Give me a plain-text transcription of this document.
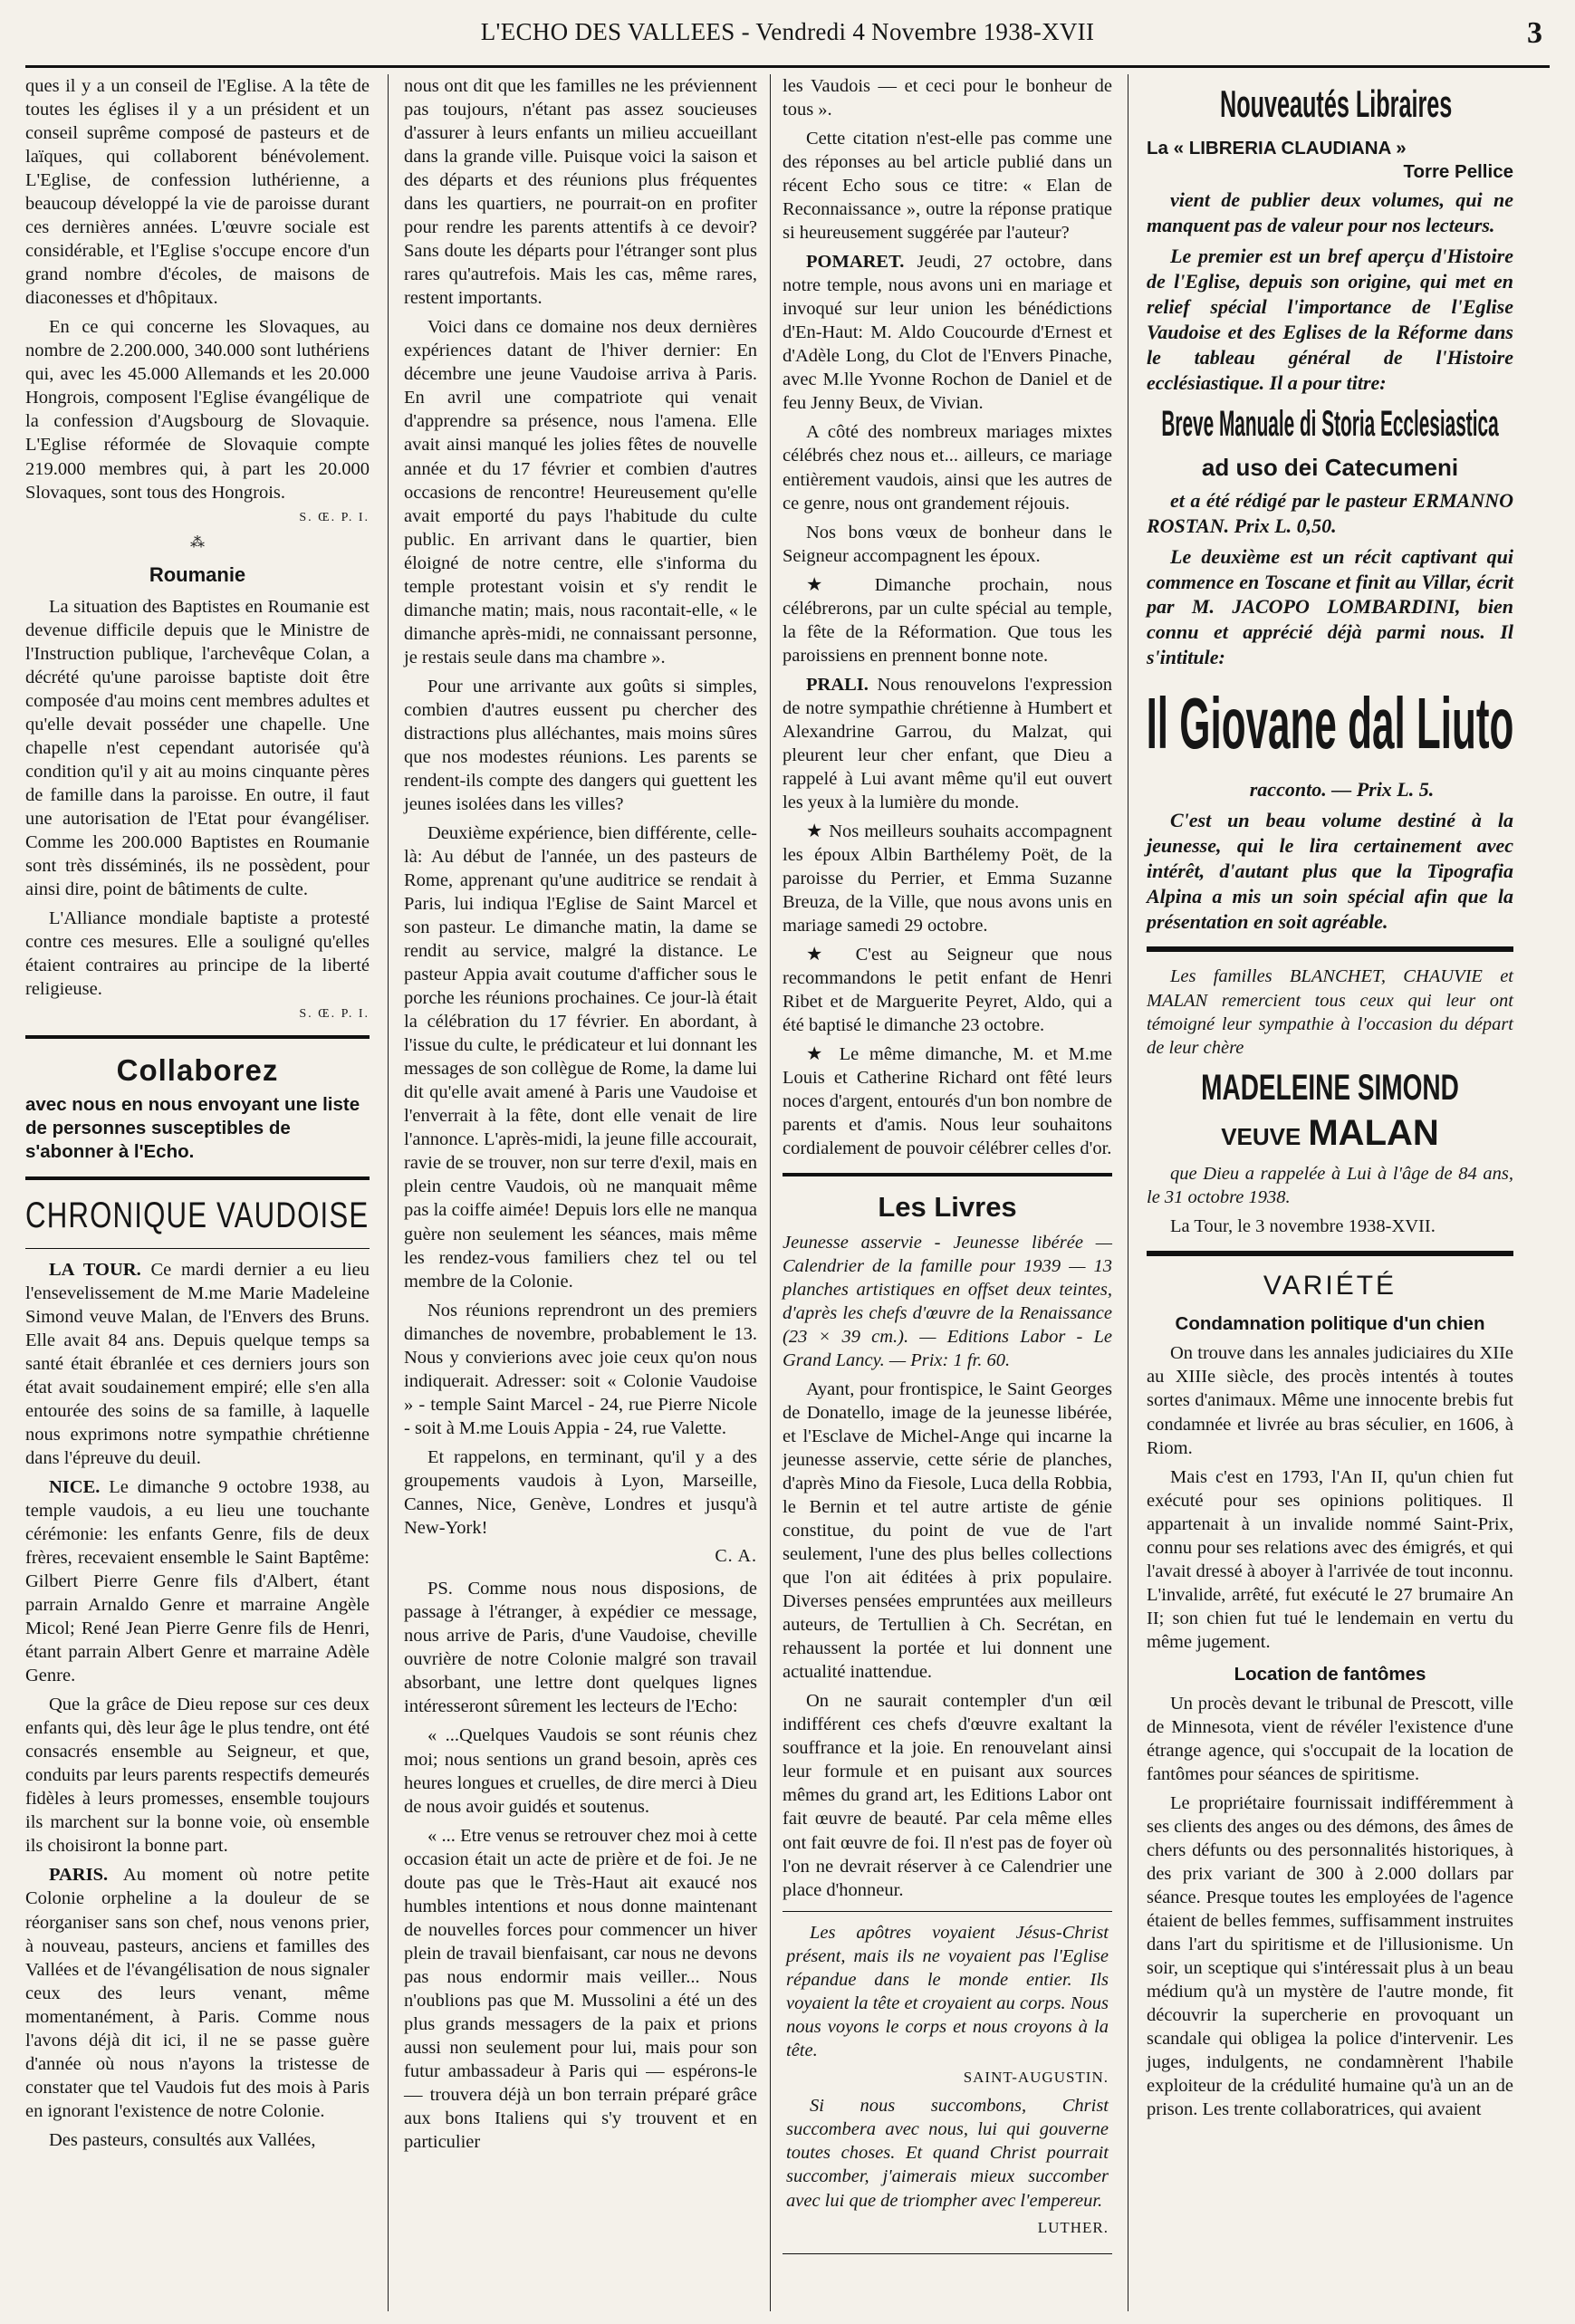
L'ECHO DES VALLEES - Vendredi 4 Novembre 1938-XVII	3

ques il y a un conseil de l'Eglise. A la tête de toutes les églises il y a un président et un conseil suprême composé de pasteurs et de laïques, qui collaborent bénévolement. L'Eglise, de confession luthérienne, a beaucoup développé la vie de paroisse durant ces dernières années. L'œuvre sociale est considérable, et l'Eglise s'occupe encore d'un grand nombre d'écoles, de maisons de diaconesses et d'hôpitaux.

En ce qui concerne les Slovaques, au nombre de 2.200.000, 340.000 sont luthériens qui, avec les 45.000 Allemands et les 20.000 Hongrois, composent l'Eglise évangélique de la confession d'Augsbourg de Slovaquie. L'Eglise réformée de Slovaquie compte 219.000 membres qui, à part les 20.000 Slovaques, sont tous des Hongrois.

S. Œ. P. I.
⁂
Roumanie

La situation des Baptistes en Roumanie est devenue difficile depuis que le Ministre de l'Instruction publique, l'archevêque Colan, a décrété qu'une paroisse baptiste doit être composée d'au moins cent membres adultes et qu'elle devait posséder une chapelle. Une chapelle n'est cependant autorisée qu'à condition qu'il y ait au moins cinquante pères de famille dans la paroisse. En outre, il faut une autorisation de l'Etat pour évangéliser. Comme les 200.000 Baptistes en Roumanie sont très disséminés, ils ne possèdent, pour ainsi dire, point de bâtiments de culte.

L'Alliance mondiale baptiste a protesté contre ces mesures. Elle a souligné qu'elles étaient contraires au principe de la liberté religieuse.

S. Œ. P. I.
Collaborez
avec nous en nous envoyant une liste de personnes susceptibles de s'abonner à l'Echo.
CHRONIQUE VAUDOISE

LA TOUR. Ce mardi dernier a eu lieu l'ensevelissement de M.me Marie Madeleine Simond veuve Malan, de l'Envers des Bruns. Elle avait 84 ans. Depuis quelque temps sa santé était ébranlée et ces derniers jours son état avait soudainement empiré; elle s'en alla entourée des soins de sa famille, à laquelle nous exprimons notre sympathie chrétienne dans l'épreuve du deuil.

NICE. Le dimanche 9 octobre 1938, au temple vaudois, a eu lieu une touchante cérémonie: les enfants Genre, fils de deux frères, recevaient ensemble le Saint Baptême: Gilbert Pierre Genre fils d'Albert, étant parrain Arnaldo Genre et marraine Angèle Micol; René Jean Pierre Genre fils de Henri, étant parrain Albert Genre et marraine Adèle Genre.

Que la grâce de Dieu repose sur ces deux enfants qui, dès leur âge le plus tendre, ont été consacrés ensemble au Seigneur, et que, conduits par leurs parents respectifs demeurés fidèles à leurs promesses, ensemble toujours ils marchent sur la bonne voie, où ensemble ils choisiront la bonne part.

PARIS. Au moment où notre petite Colonie orpheline a la douleur de se réorganiser sans son chef, nous venons prier, à nouveau, pasteurs, anciens et familles des Vallées et de l'évangélisation de nous signaler ceux des leurs venant, même momentanément, à Paris. Comme nous l'avons déjà dit ici, il ne se passe guère d'année où nous n'ayons la tristesse de constater que tel Vaudois fut des mois à Paris en ignorant l'existence de notre Colonie.

Des pasteurs, consultés aux Vallées,

nous ont dit que les familles ne les préviennent pas toujours, n'étant pas assez soucieuses d'assurer à leurs enfants un milieu accueillant dans la grande ville. Puisque voici la saison et des départs et des réunions plus fréquentes dans les quartiers, ne pourrait-on en profiter pour rendre les parents attentifs à ce devoir? Sans doute les départs pour l'étranger sont plus rares qu'autrefois. Mais les cas, même rares, restent importants.

Voici dans ce domaine nos deux dernières expériences datant de l'hiver dernier: En décembre une jeune Vaudoise arriva à Paris. En avril une compatriote qui venait d'apprendre sa présence, nous l'amena. Elle avait ainsi manqué les jolies fêtes de nouvelle année et du 17 février et combien d'autres occasions de rencontre! Heureusement qu'elle avait emporté du pays l'habitude du culte public. En arrivant dans le quartier, bien éloigné de notre centre, elle s'informa du temple protestant voisin et s'y rendit le dimanche matin; mais, nous racontait-elle, « le dimanche après-midi, ne connaissant personne, je restais seule dans ma chambre ».

Pour une arrivante aux goûts si simples, combien d'autres eussent pu chercher des distractions plus alléchantes, mais moins sûres que nos modestes réunions. Les parents se rendent-ils compte des dangers qui guettent les jeunes isolées dans les villes?

Deuxième expérience, bien différente, celle-là: Au début de l'année, un des pasteurs de Rome, apprenant qu'une auditrice se rendait à Paris, lui indiqua l'Eglise de Saint Marcel et son pasteur. Le dimanche matin, la dame se rendit au service, malgré la distance. Le pasteur Appia avait coutume d'afficher sous le porche les réunions prochaines. Ce jour-là était la célébration du 17 février. En abordant, à l'issue du culte, le prédicateur et lui donnant les messages de son collègue de Rome, la dame lui dit qu'elle avait amené à Paris une Vaudoise et l'enverrait à la fête, dont elle venait de lire l'annonce. L'après-midi, la jeune fille accourait, ravie de se trouver, non sur terre d'exil, mais en plein centre Vaudois, où ne manquait même pas la coiffe aimée! Depuis lors elle ne manqua guère non seulement les séances, mais même les rendez-vous familiers chez tel ou tel membre de la Colonie.

Nos réunions reprendront un des premiers dimanches de novembre, probablement le 13. Nous y convierions avec joie ceux qu'on nous indiquerait. Adresser: soit « Colonie Vaudoise » - temple Saint Marcel - 24, rue Pierre Nicole - soit à M.me Louis Appia - 24, rue Valette.

Et rappelons, en terminant, qu'il y a des groupements vaudois à Lyon, Marseille, Cannes, Nice, Genève, Londres et jusqu'à New-York!

C. A.

PS. Comme nous nous disposions, de passage à l'étranger, à expédier ce message, nous arrive de Paris, d'une Vaudoise, cheville ouvrière de notre Colonie malgré son travail absorbant, une lettre dont quelques lignes intéresseront sûrement les lecteurs de l'Echo:

« ...Quelques Vaudois se sont réunis chez moi; nous sentions un grand besoin, après ces heures longues et cruelles, de dire merci à Dieu de nous avoir guidés et soutenus.

« ... Etre venus se retrouver chez moi à cette occasion était un acte de prière et de foi. Je ne doute pas que le Très-Haut ait exaucé nos humbles intentions et nous donne maintenant de nouvelles forces pour commencer un hiver plein de travail bienfaisant, car nous ne devons pas nous endormir mais veiller... Nous n'oublions pas que M. Mussolini a été un des plus grands messagers de la paix et prions aussi non seulement pour lui, mais pour son futur ambassadeur à Paris qui — espérons-le — trouvera déjà un bon terrain préparé grâce aux bons Italiens qui s'y trouvent et en particulier

les Vaudois — et ceci pour le bonheur de tous ».

Cette citation n'est-elle pas comme une des réponses au bel article publié dans un récent Echo sous ce titre: « Elan de Reconnaissance », outre la réponse pratique si heureusement suggérée par l'auteur?

POMARET. Jeudi, 27 octobre, dans notre temple, nous avons uni en mariage et invoqué sur leur union les bénédictions d'En-Haut: M. Aldo Coucourde d'Ernest et d'Adèle Long, du Clot de l'Envers Pinache, avec M.lle Yvonne Rochon de Daniel et de feu Jenny Beux, de Vivian.

A côté des nombreux mariages mixtes célébrés chez nous et... ailleurs, ce mariage entièrement vaudois, ainsi que les autres de ce genre, nous ont grandement réjouis.

Nos bons vœux de bonheur dans le Seigneur accompagnent les époux.

★ Dimanche prochain, nous célébrerons, par un culte spécial au temple, la fête de la Réformation. Que tous les paroissiens en prennent bonne note.

PRALI. Nous renouvelons l'expression de notre sympathie chrétienne à Humbert et Alexandrine Garrou, du Malzat, qui pleurent leur cher enfant, que Dieu a rappelé à Lui avant même qu'il eut ouvert les yeux à la lumière du monde.

★ Nos meilleurs souhaits accompagnent les époux Albin Barthélemy Poët, de la paroisse du Perrier, et Emma Suzanne Breuza, de la Ville, que nous avons unis en mariage samedi 29 octobre.

★ C'est au Seigneur que nous recommandons le petit enfant de Henri Ribet et de Marguerite Peyret, Aldo, qui a été baptisé le dimanche 23 octobre.

★ Le même dimanche, M. et M.me Louis et Catherine Richard ont fêté leurs noces d'argent, entourés d'un bon nombre de parents et d'amis. Nous leur souhaitons cordialement de pouvoir célébrer celles d'or.

Les Livres

Jeunesse asservie - Jeunesse libérée — Calendrier de la famille pour 1939 — 13 planches artistiques en offset deux teintes, d'après les chefs d'œuvre de la Renaissance (23 × 39 cm.). — Editions Labor - Le Grand Lancy. — Prix: 1 fr. 60.

Ayant, pour frontispice, le Saint Georges de Donatello, image de la jeunesse libérée, et l'Esclave de Michel-Ange qui incarne la jeunesse asservie, cette série de planches, d'après Mino da Fiesole, Luca della Robbia, le Bernin et tel autre artiste de génie constitue, du point de vue de l'art seulement, l'une des plus belles collections que l'on ait éditées à prix populaire. Diverses pensées empruntées aux meilleurs auteurs, de Tertullien à Ch. Secrétan, en rehaussent la portée et lui donnent une actualité inattendue.

On ne saurait contempler d'un œil indifférent ces chefs d'œuvre exaltant la souffrance et la joie. En renouvelant ainsi leur formule et en puisant aux sources mêmes du grand art, les Editions Labor ont fait œuvre de beauté. Par cela même elles ont fait œuvre de foi. Il n'est pas de foyer où l'on ne devrait réserver à ce Calendrier une place d'honneur.

Les apôtres voyaient Jésus-Christ présent, mais ils ne voyaient pas l'Eglise répandue dans le monde entier. Ils voyaient la tête et croyaient au corps. Nous nous voyons le corps et nous croyons à la tête.

SAINT-AUGUSTIN.

Si nous succombons, Christ succombera avec nous, lui qui gouverne toutes choses. Et quand Christ pourrait succomber, j'aimerais mieux succomber avec lui que de triompher avec l'empereur.

LUTHER.
Nouveautés Libraires
La « LIBRERIA CLAUDIANA »
Torre Pellice

vient de publier deux volumes, qui ne manquent pas de valeur pour nos lecteurs.

Le premier est un bref aperçu d'Histoire de l'Eglise, depuis son origine, qui met en relief spécial l'importance de l'Eglise Vaudoise et des Eglises de la Réforme dans le tableau général de l'Histoire ecclésiastique. Il a pour titre:

Breve Manuale di Storia Ecclesiastica
ad uso dei Catecumeni

et a été rédigé par le pasteur ERMANNO ROSTAN. Prix L. 0,50.

Le deuxième est un récit captivant qui commence en Toscane et finit au Villar, écrit par M. JACOPO LOMBARDINI, bien connu et apprécié déjà parmi nous. Il s'intitule:

Il Giovane dal Liuto

racconto. — Prix L. 5.

C'est un beau volume destiné à la jeunesse, qui le lira certainement avec intérêt, d'autant plus que la Tipografia Alpina a mis un soin spécial afin que la présentation en soit agréable.

Les familles BLANCHET, CHAUVIE et MALAN remercient tous ceux qui leur ont témoigné leur sympathie à l'occasion du départ de leur chère

MADELEINE SIMOND
VEUVE MALAN

que Dieu a rappelée à Lui à l'âge de 84 ans, le 31 octobre 1938.

La Tour, le 3 novembre 1938-XVII.

VARIÉTÉ
Condamnation politique d'un chien

On trouve dans les annales judiciaires du XIIe au XIIIe siècle, des procès intentés à toutes sortes d'animaux. Même une innocente brebis fut condamnée et livrée au bras séculier, en 1606, à Riom.

Mais c'est en 1793, l'An II, qu'un chien fut exécuté pour ses opinions politiques. Il appartenait à un invalide nommé Saint-Prix, connu pour ses relations avec des émigrés, et qui l'avait dressé à aboyer à l'arrivée de tout inconnu. L'invalide, arrêté, fut exécuté le 27 brumaire An II; son chien fut tué le lendemain en vertu du même jugement.

Location de fantômes

Un procès devant le tribunal de Prescott, ville de Minnesota, vient de révéler l'existence d'une étrange agence, qui s'occupait de la location de fantômes pour séances de spiritisme.

Le propriétaire fournissait indifféremment à ses clients des anges ou des démons, des âmes de chers défunts ou des personnalités historiques, à des prix variant de 300 à 2.000 dollars par séance. Presque toutes les employées de l'agence étaient de belles femmes, suffisamment instruites dans l'art du spiritisme et de l'illusionisme. Un soir, un sceptique qui s'intéressait plus à un beau médium qu'à un mystère de l'autre monde, fit découvrir la supercherie en provoquant un scandale qui obligea la police d'intervenir. Les juges, indulgents, ne condamnèrent l'habile exploiteur de la crédulité humaine qu'à un an de prison. Les trente collaboratrices, qui avaient
